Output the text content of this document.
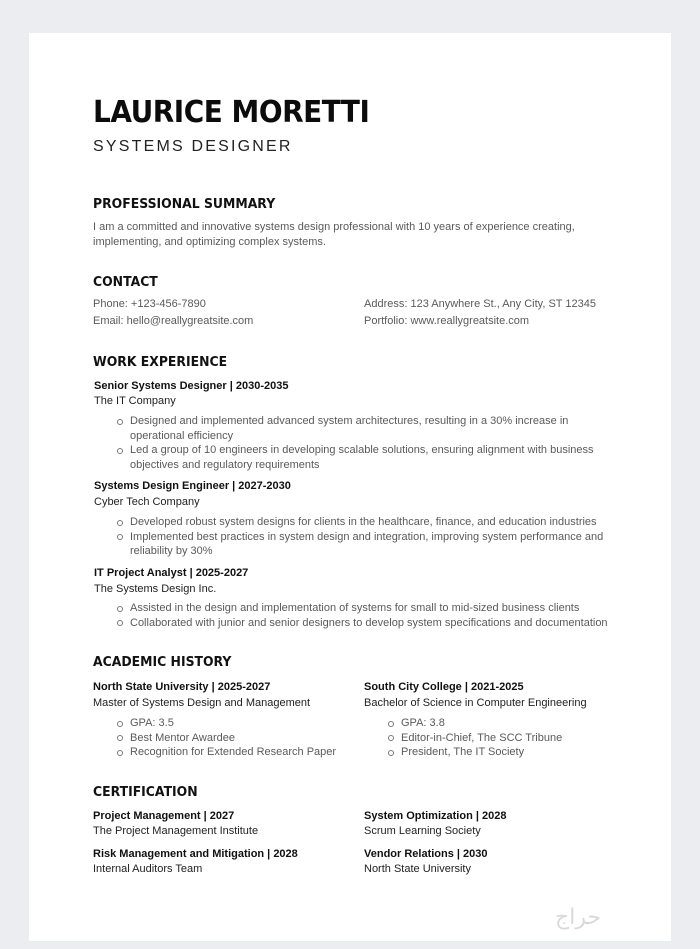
LAURICE MORETTI
SYSTEMS DESIGNER
PROFESSIONAL SUMMARY
I am a committed and innovative systems design professional with 10 years of experience creating, implementing, and optimizing complex systems.
CONTACT
Phone: +123-456-7890
Email: hello@reallygreatsite.com
Address: 123 Anywhere St., Any City, ST 12345
Portfolio: www.reallygreatsite.com
WORK EXPERIENCE
Senior Systems Designer | 2030-2035
The IT Company
Designed and implemented advanced system architectures, resulting in a 30% increase in operational efficiency
Led a group of 10 engineers in developing scalable solutions, ensuring alignment with business objectives and regulatory requirements
Systems Design Engineer | 2027-2030
Cyber Tech Company
Developed robust system designs for clients in the healthcare, finance, and education industries
Implemented best practices in system design and integration, improving system performance and reliability by 30%
IT Project Analyst | 2025-2027
The Systems Design Inc.
Assisted in the design and implementation of systems for small to mid-sized business clients
Collaborated with junior and senior designers to develop system specifications and documentation
ACADEMIC HISTORY
North State University | 2025-2027
Master of Systems Design and Management
GPA: 3.5
Best Mentor Awardee
Recognition for Extended Research Paper
South City College | 2021-2025
Bachelor of Science in Computer Engineering
GPA: 3.8
Editor-in-Chief, The SCC Tribune
President, The IT Society
CERTIFICATION
Project Management | 2027
The Project Management Institute
System Optimization | 2028
Scrum Learning Society
Risk Management and Mitigation | 2028
Internal Auditors Team
Vendor Relations | 2030
North State University
حراج
